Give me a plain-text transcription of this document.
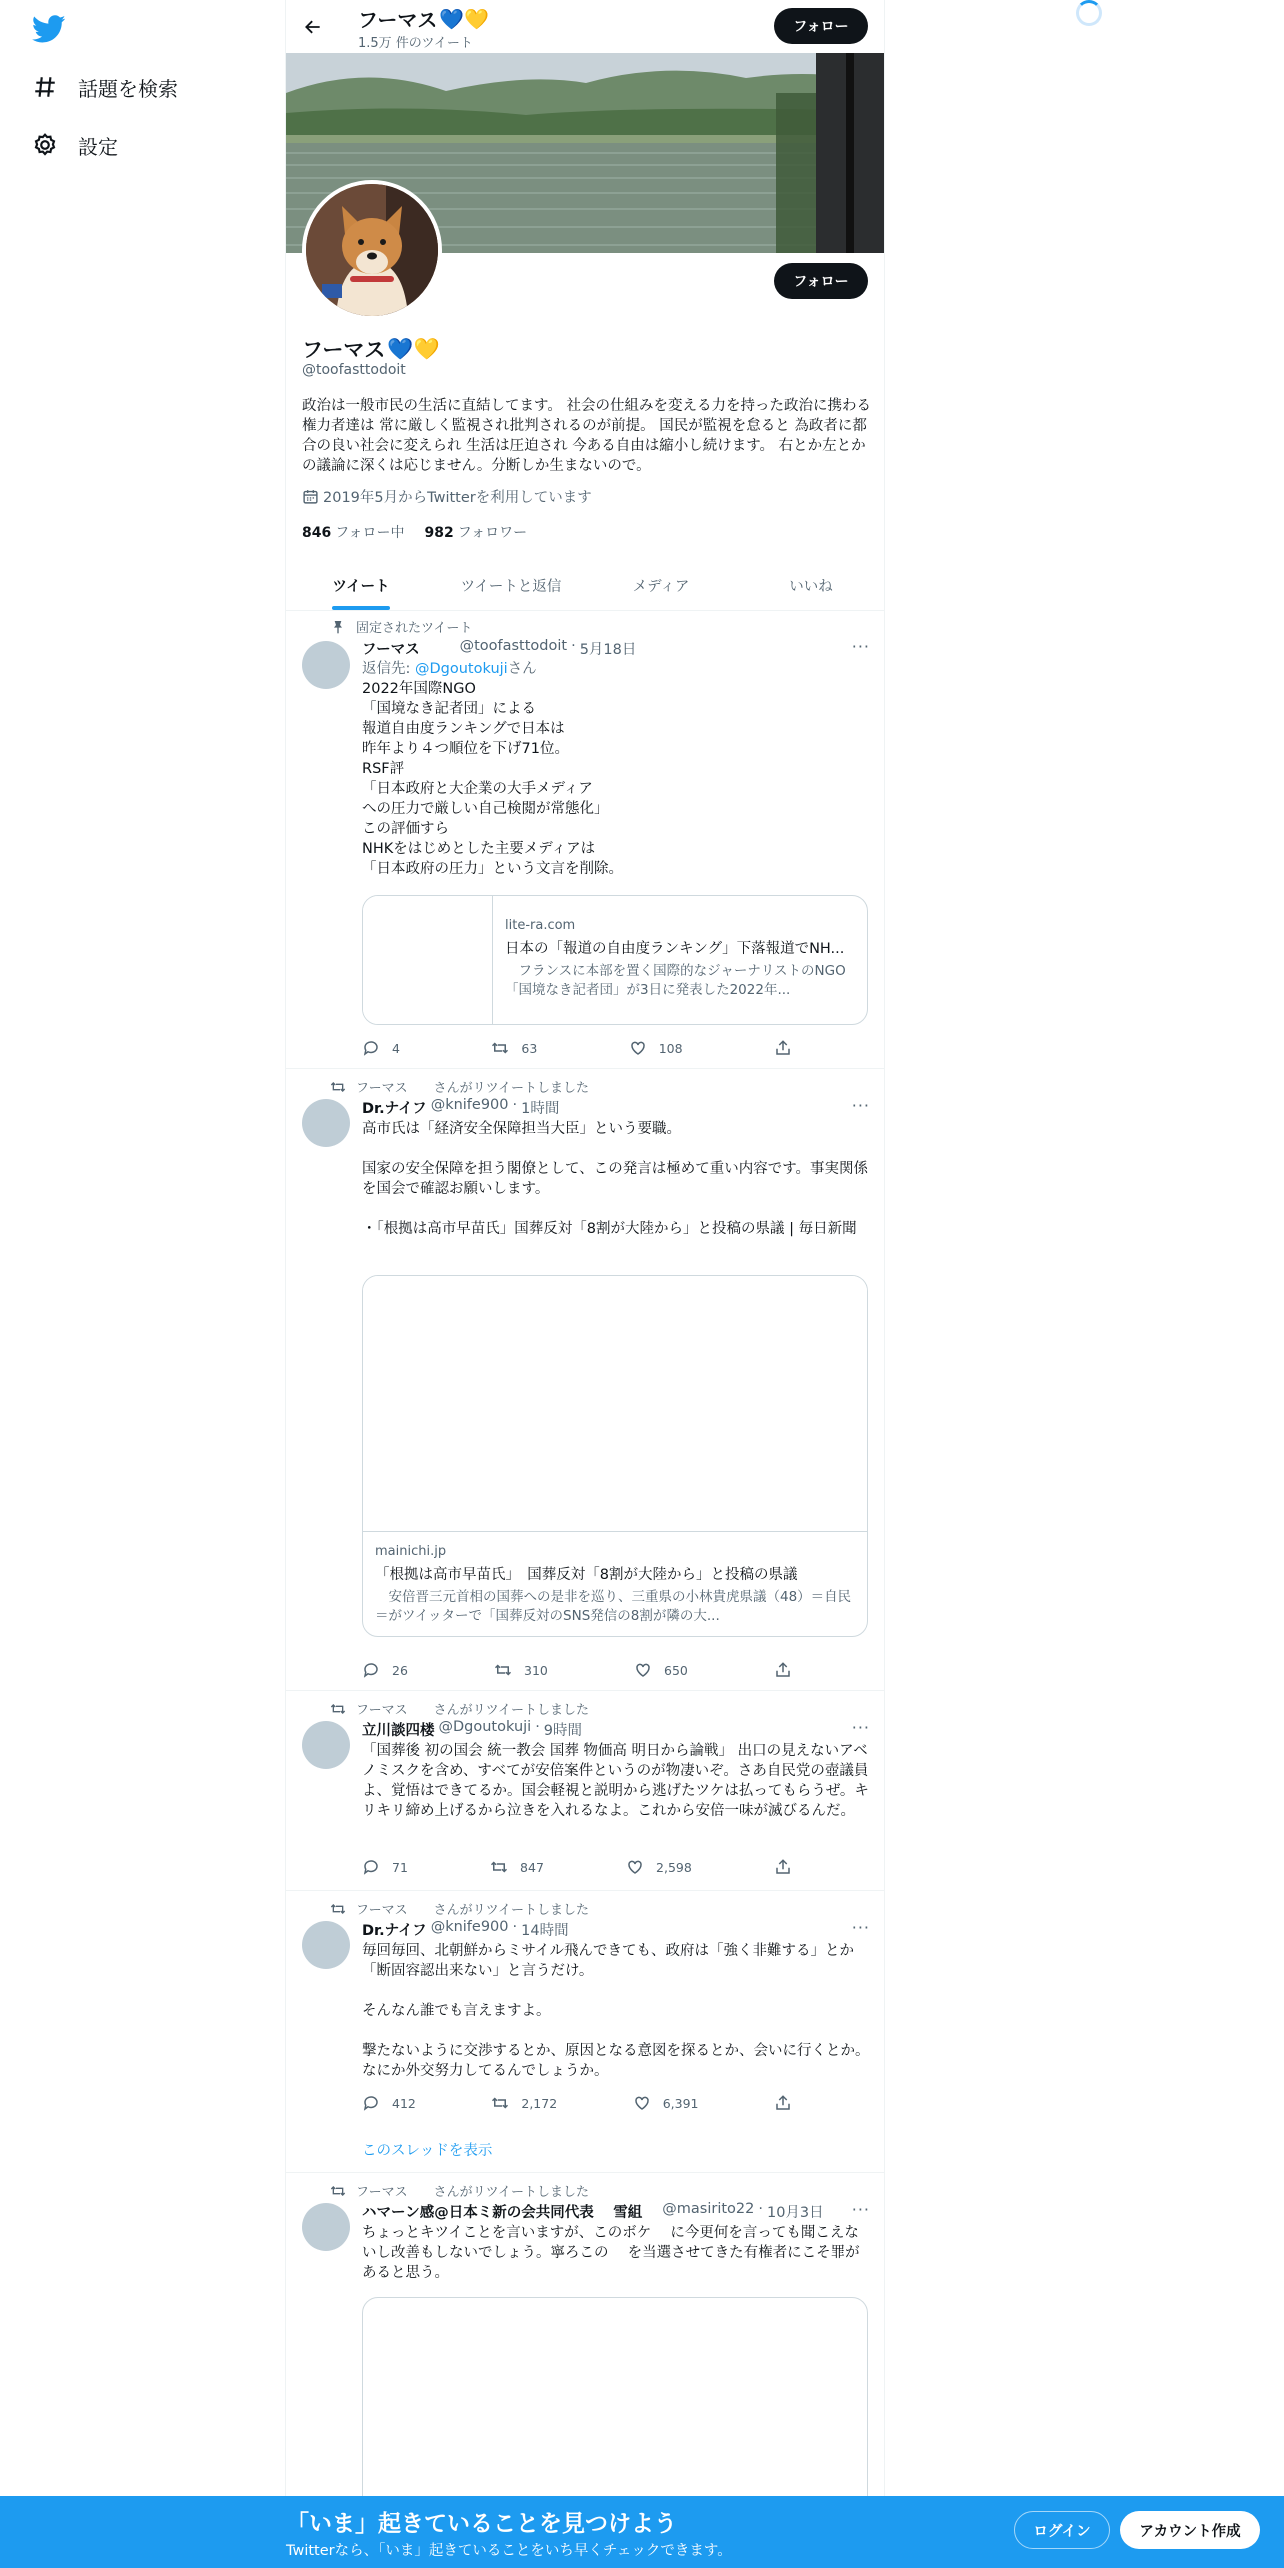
話題を検索
設定
フーマス 💙💛
1.5万 件のツイート
フォロー
フォロー
フーマス 💙💛
@toofasttodoit
政治は一般市民の生活に直結してます。 社会の仕組みを変える力を持った政治に携わる権力者達は 常に厳しく監視され批判されるのが前提。 国民が監視を怠ると 為政者に都合の良い社会に変えられ 生活は圧迫され 今ある自由は縮小し続けます。 右とか左とかの議論に深くは応じません。分断しか生まないので。
2019年5月からTwitterを利用しています
846 フォロー中 982 フォロワー
ツイート	ツイートと返信	メディア	いいね
固定されたツイート
フーマス	@toofasttodoit · 5月18日	···
返信先: @Dgoutokujiさん
2022年国際NGO
「国境なき記者団」による
報道自由度ランキングで日本は
昨年より４つ順位を下げ71位。
RSF評
「日本政府と大企業の大手メディア
への圧力で厳しい自己検閲が常態化」
この評価すら
NHKをはじめとした主要メディアは
「日本政府の圧力」という文言を削除。
lite-ra.com
日本の「報道の自由度ランキング」下落報道でNH...
　フランスに本部を置く国際的なジャーナリストのNGO「国境なき記者団」が3日に発表した2022年...
4	63	108
フーマス　　さんがリツイートしました
Dr.ナイフ @knife900 · 1時間	···
高市氏は「経済安全保障担当大臣」という要職。

国家の安全保障を担う閣僚として、この発言は極めて重い内容です。事実関係を国会で確認お願いします。

・「根拠は高市早苗氏」国葬反対「8割が大陸から」と投稿の県議 | 毎日新聞
mainichi.jp
「根拠は高市早苗氏」　国葬反対「8割が大陸から」と投稿の県議
　安倍晋三元首相の国葬への是非を巡り、三重県の小林貴虎県議（48）＝自民＝がツイッターで「国葬反対のSNS発信の8割が隣の大...
26	310	650
フーマス　　さんがリツイートしました
立川談四楼 @Dgoutokuji · 9時間	···
「国葬後 初の国会 統一教会 国葬 物価高 明日から論戦」 出口の見えないアベノミスクを含め、すべてが安倍案件というのが物凄いぞ。さあ自民党の壺議員よ、覚悟はできてるか。国会軽視と説明から逃げたツケは払ってもらうぜ。キリキリ締め上げるから泣きを入れるなよ。これから安倍一味が滅びるんだ。
71	847	2,598
フーマス　　さんがリツイートしました
Dr.ナイフ @knife900 · 14時間	···
毎回毎回、北朝鮮からミサイル飛んできても、政府は「強く非難する」とか「断固容認出来ない」と言うだけ。

そんなん誰でも言えますよ。

撃たないように交渉するとか、原因となる意図を探るとか、会いに行くとか。なにか外交努力してるんでしょうか。
412	2,172	6,391
このスレッドを表示
フーマス　　さんがリツイートしました
ハマーン感@日本ミ新の会共同代表　 雪組 @masirito22 · 10月3日 ···
ちょっとキツイことを言いますが、このボケ　 に今更何を言っても聞こえないし改善もしないでしょう。寧ろこの　 を当選させてきた有権者にこそ罪があると思う。
「いま」起きていることを見つけよう
Twitterなら、「いま」起きていることをいち早くチェックできます。
ログイン	アカウント作成
